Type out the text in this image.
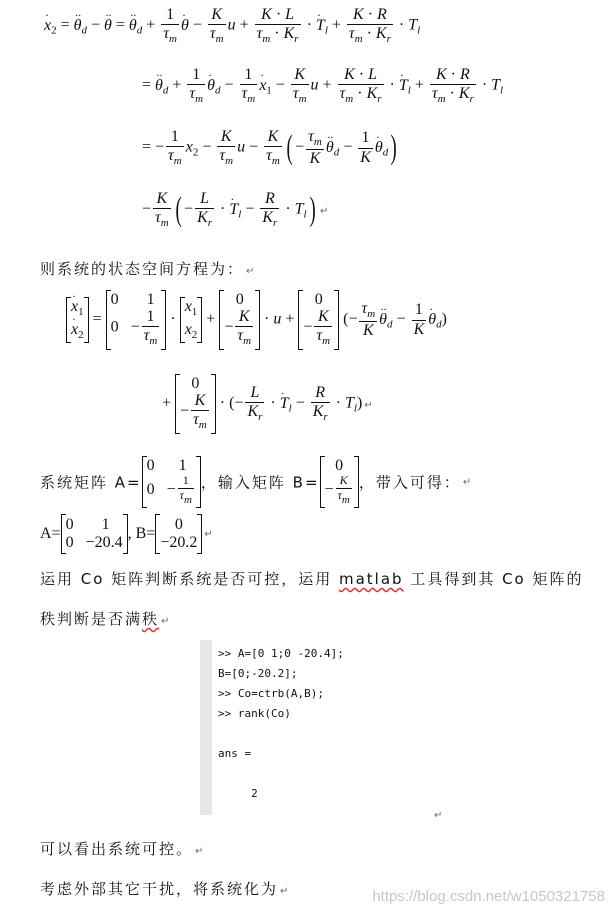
· $x_2$ = ·· $\theta_d$ − ·· θ = ·· $\theta_d + \frac{1}{\tau_m}$
· $\theta - \frac{K}{\tau_m}$ $u + \frac{K \cdot L}{\tau_m \cdot K_r}$ · · $T_l + \frac{K \cdot R}{\tau_m \cdot K_r} \cdot T_l$
= ·· $\theta_d + \frac{1}{\tau_m}$
· $\theta_d - \frac{1}{\tau_m}$
· $x_1 - \frac{K}{\tau_m}$ $u + \frac{K \cdot L}{\tau_m \cdot K_r}$ · · $T_l + \frac{K \cdot R}{\tau_m \cdot K_r} \cdot T_l$
= − $\frac{1}{\tau_m} x_2 - \frac{K}{\tau_m}$ $u - \frac{K}{\tau_m}$ ( − $\frac{\tau_m}{K}$
·· $\theta_d - \frac{1}{K}$
· $\theta_d$)
− $\frac{K}{\tau_m}$ ( − $\frac{L}{K_r}$ · · $T_l - \frac{R}{K_r} \cdot T_l$) ↵
则系统的状态空间方程为： ↵
· $x_1$
· $x_2$
=
0       1
$0 - \frac{1}{\tau_m}$ ·
$x_1$
$x_2$
+
0
− $\frac{K}{\tau_m} \cdot u$ +
0
− $\frac{K}{\tau_m}$ (− $\frac{\tau_m}{K}$
·· $\theta_d - \frac{1}{K}$
· $\theta_d$)
+
0
− $\frac{K}{\tau_m}$ · (− $\frac{L}{K_r}$ · · $T_l - \frac{R}{K_r} \cdot T_l$) ↵
系统矩阵 A=
0      1
$0 - \frac{1}{\tau m}$ ，输入矩阵 B=
0
− $\frac{K}{\tau m}$ ，带入可得： ↵
A=
0 1
0 −20.4
, B=
0
−20.2 ↵
运用 Co 矩阵判断系统是否可控，运用 matlab 工具得到其 Co 矩阵的
秩判断是否满秩 ↵
>> A=[0 1;0 -20.4];
B=[0;-20.2];
>> Co=ctrb(A,B);
>> rank(Co)

ans =

2
↵
可以看出系统可控。 ↵
考虑外部其它干扰，将系统化为 ↵	https://blog.csdn.net/w1050321758
